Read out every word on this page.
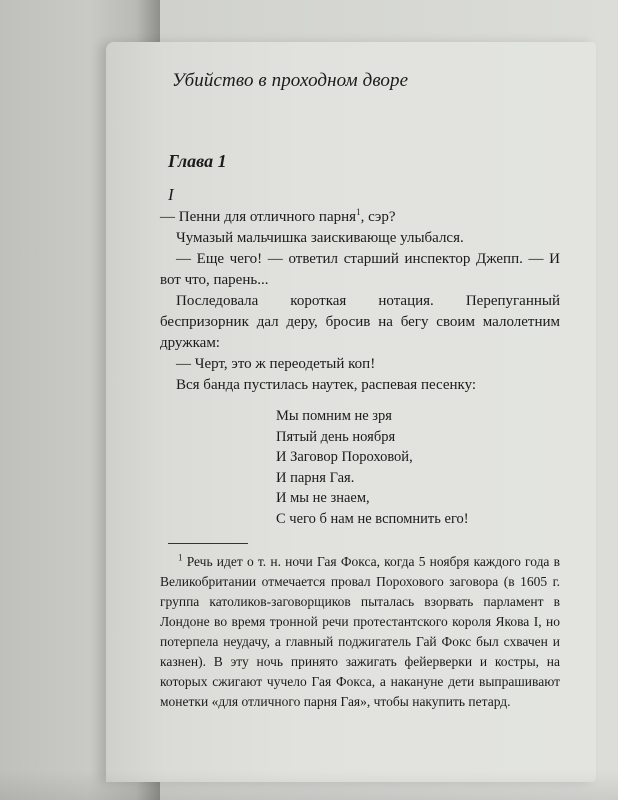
Убийство в проходном дворе
Глава 1
I

— Пенни для отличного парня$^1$, сэр?

Чумазый мальчишка заискивающе улыбался.

— Еще чего! — ответил старший инспектор Джепп. — И вот что, парень...

Последовала короткая нотация. Перепуганный беспризорник дал деру, бросив на бегу своим малолетним дружкам:

— Черт, это ж переодетый коп!

Вся банда пустилась наутек, распевая песенку:

Мы помним не зря
Пятый день ноября
И Заговор Пороховой,
И парня Гая.
И мы не знаем,
С чего б нам не вспомнить его!

$^1$ Речь идет о т. н. ночи Гая Фокса, когда 5 ноября каждого года в Великобритании отмечается провал Порохового заговора (в 1605 г. группа католиков-заговорщиков пыталась взорвать парламент в Лондоне во время тронной речи протестантского короля Якова I, но потерпела неудачу, а главный поджигатель Гай Фокс был схвачен и казнен). В эту ночь принято зажигать фейерверки и костры, на которых сжигают чучело Гая Фокса, а накануне дети выпрашивают монетки «для отличного парня Гая», чтобы накупить петард.
